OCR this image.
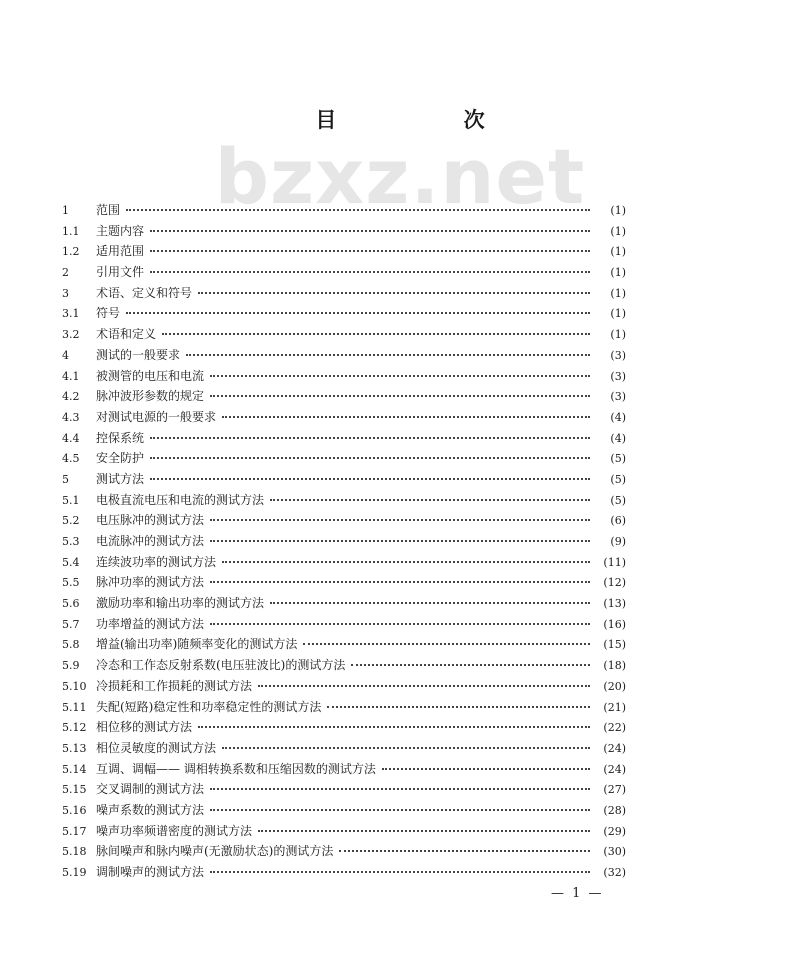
目 次
bzxz.net
1	范围	(1)
1.1	主题内容	(1)
1.2	适用范围	(1)
2	引用文件	(1)
3	术语、定义和符号	(1)
3.1	符号	(1)
3.2	术语和定义	(1)
4	测试的一般要求	(3)
4.1	被测管的电压和电流	(3)
4.2	脉冲波形参数的规定	(3)
4.3	对测试电源的一般要求	(4)
4.4	控保系统	(4)
4.5	安全防护	(5)
5	测试方法	(5)
5.1	电极直流电压和电流的测试方法	(5)
5.2	电压脉冲的测试方法	(6)
5.3	电流脉冲的测试方法	(9)
5.4	连续波功率的测试方法	(11)
5.5	脉冲功率的测试方法	(12)
5.6	激励功率和输出功率的测试方法	(13)
5.7	功率增益的测试方法	(16)
5.8	增益(输出功率)随频率变化的测试方法	(15)
5.9	冷态和工作态反射系数(电压驻波比)的测试方法	(18)
5.10 冷损耗和工作损耗的测试方法	(20)
5.11 失配(短路)稳定性和功率稳定性的测试方法	(21)
5.12 相位移的测试方法	(22)
5.13 相位灵敏度的测试方法	(24)
5.14 互调、调幅—— 调相转换系数和压缩因数的测试方法	(24)
5.15 交叉调制的测试方法	(27)
5.16 噪声系数的测试方法	(28)
5.17 噪声功率频谱密度的测试方法	(29)
5.18 脉间噪声和脉内噪声(无激励状态)的测试方法	(30)
5.19 调制噪声的测试方法	(32)
— 1 —
